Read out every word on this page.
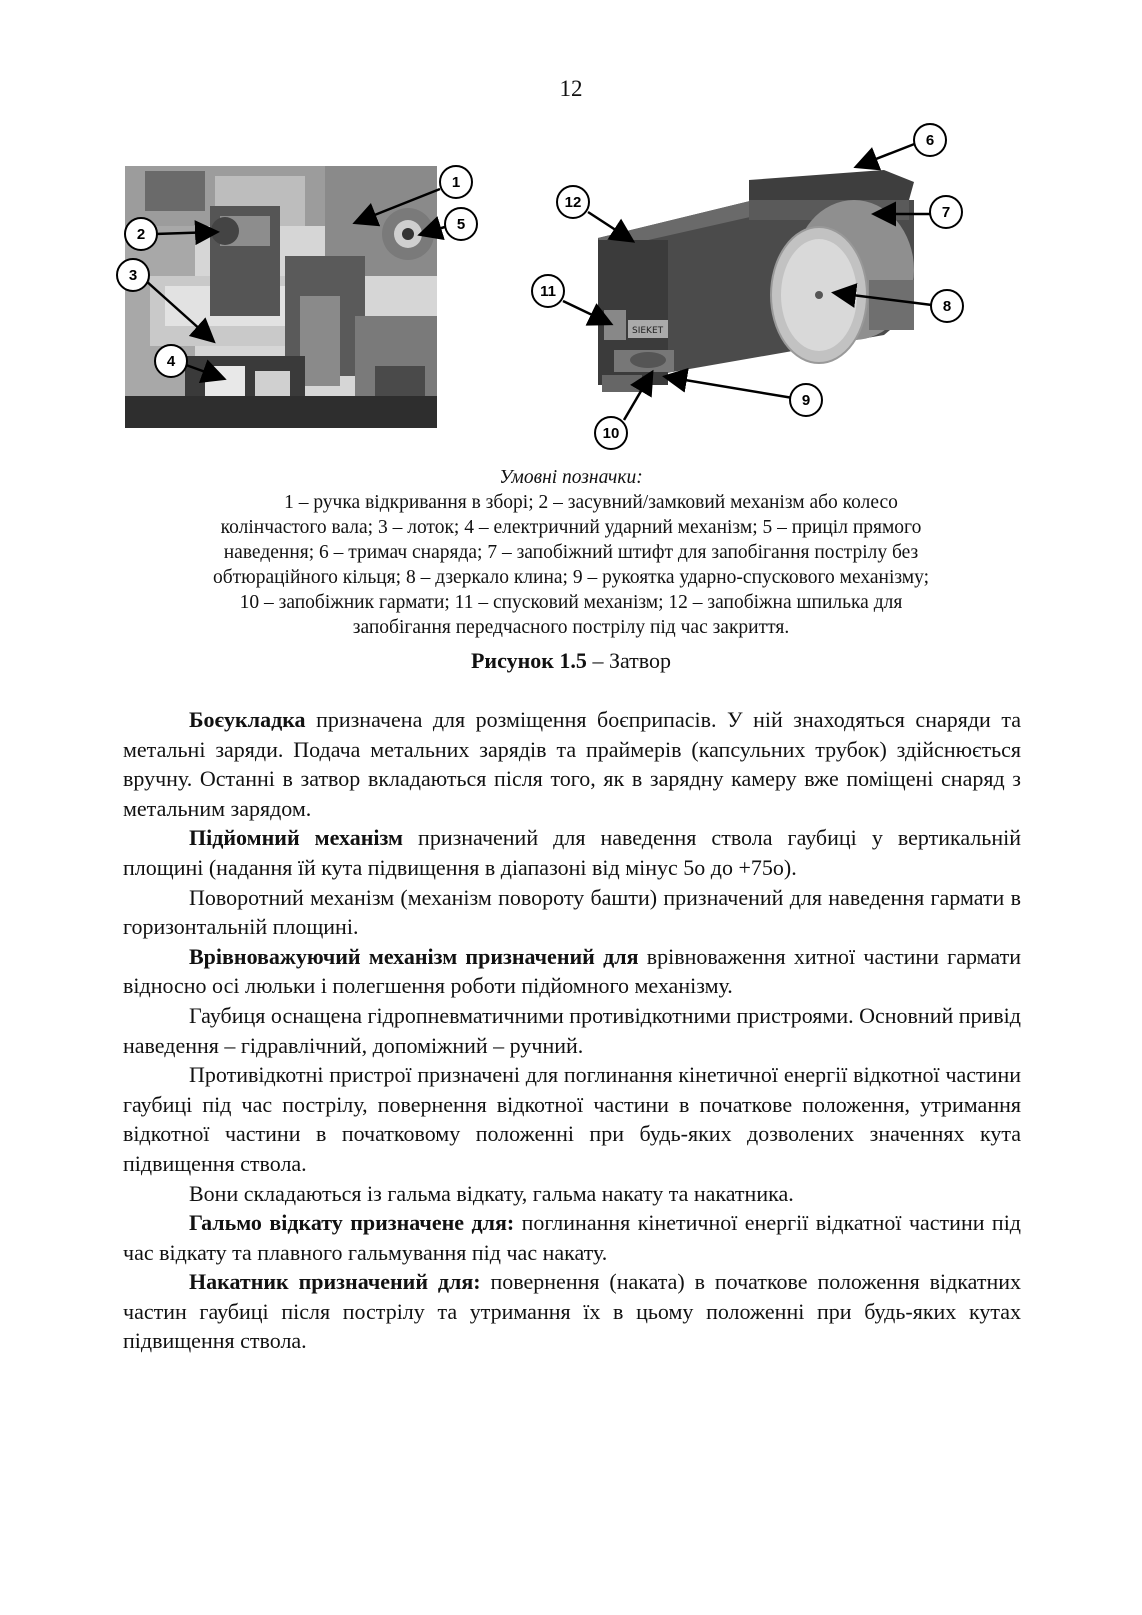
12
SIEKET
1
2
3
4
5
6
7
8
9
10
11
12
Умовні позначки:
1 – ручка відкривання в зборі; 2 – засувний/замковий механізм або колесо
колінчастого вала; 3 – лоток; 4 – електричний ударний механізм; 5 – приціл прямого
наведення; 6 – тримач снаряда; 7 – запобіжний штифт для запобігання пострілу без
обтюраційного кільця; 8 – дзеркало клина; 9 – рукоятка ударно-спускового механізму;
10 – запобіжник гармати; 11 – спусковий механізм; 12 – запобіжна шпилька для
запобігання передчасного пострілу під час закриття.
Рисунок 1.5 – Затвор

Боєукладка призначена для розміщення боєприпасів. У ній знаходяться снаряди та метальні заряди. Подача метальних зарядів та праймерів (капсульних трубок) здійснюється вручну. Останні в затвор вкладаються після того, як в зарядну камеру вже поміщені снаряд з метальним зарядом.

Підйомний механізм призначений для наведення ствола гаубиці у вертикальній площині (надання їй кута підвищення в діапазоні від мінус 5о до +75о).

Поворотний механізм (механізм повороту башти) призначений для наведення гармати в горизонтальній площині.

Врівноважуючий механізм призначений для врівноваження хитної частини гармати відносно осі люльки і полегшення роботи підйомного механізму.

Гаубиця оснащена гідропневматичними противідкотними пристроями. Основний привід наведення – гідравлічний, допоміжний – ручний.

Противідкотні пристрої призначені для поглинання кінетичної енергії відкотної частини гаубиці під час пострілу, повернення відкотної частини в початкове положення, утримання відкотної частини в початковому положенні при будь-яких дозволених значеннях кута підвищення ствола.

Вони складаються із гальма відкату, гальма накату та накатника.

Гальмо відкату призначене для: поглинання кінетичної енергії відкатної частини під час відкату та плавного гальмування під час накату.

Накатник призначений для: повернення (наката) в початкове положення відкатних частин гаубиці після пострілу та утримання їх в цьому положенні при будь-яких кутах підвищення ствола.
